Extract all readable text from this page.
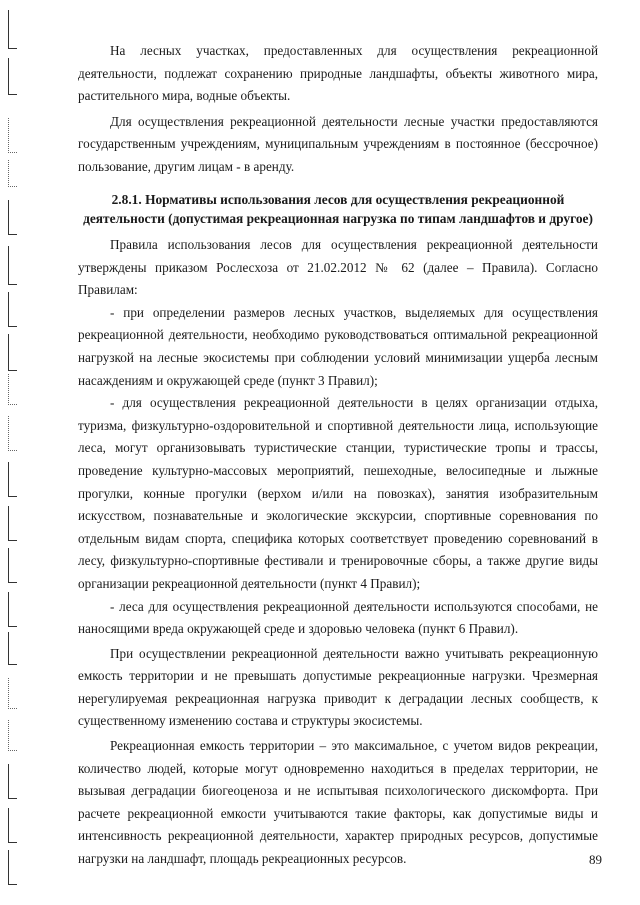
На лесных участках, предоставленных для осуществления рекреационной деятельности, подлежат сохранению природные ландшафты, объекты животного мира, растительного мира, водные объекты.

Для осуществления рекреационной деятельности лесные участки предоставляются государственным учреждениям, муниципальным учреждениям в постоянное (бессрочное) пользование, другим лицам - в аренду.

2.8.1. Нормативы использования лесов для осуществления рекреационной деятельности (допустимая рекреационная нагрузка по типам ландшафтов и другое)

Правила использования лесов для осуществления рекреационной деятельности утверждены приказом Рослесхоза от 21.02.2012 № 62 (далее – Правила). Согласно Правилам:

- при определении размеров лесных участков, выделяемых для осуществления рекреационной деятельности, необходимо руководствоваться оптимальной рекреационной нагрузкой на лесные экосистемы при соблюдении условий минимизации ущерба лесным насаждениям и окружающей среде (пункт 3 Правил);

- для осуществления рекреационной деятельности в целях организации отдыха, туризма, физкультурно-оздоровительной и спортивной деятельности лица, использующие леса, могут организовывать туристические станции, туристические тропы и трассы, проведение культурно-массовых мероприятий, пешеходные, велосипедные и лыжные прогулки, конные прогулки (верхом и/или на повозках), занятия изобразительным искусством, познавательные и экологические экскурсии, спортивные соревнования по отдельным видам спорта, специфика которых соответствует проведению соревнований в лесу, физкультурно-спортивные фестивали и тренировочные сборы, а также другие виды организации рекреационной деятельности (пункт 4 Правил);

- леса для осуществления рекреационной деятельности используются способами, не наносящими вреда окружающей среде и здоровью человека (пункт 6 Правил).

При осуществлении рекреационной деятельности важно учитывать рекреационную емкость территории и не превышать допустимые рекреационные нагрузки. Чрезмерная нерегулируемая рекреационная нагрузка приводит к деградации лесных сообществ, к существенному изменению состава и структуры экосистемы.

Рекреационная емкость территории – это максимальное, с учетом видов рекреации, количество людей, которые могут одновременно находиться в пределах территории, не вызывая деградации биогеоценоза и не испытывая психологического дискомфорта. При расчете рекреационной емкости учитываются такие факторы, как допустимые виды и интенсивность рекреационной деятельности, характер природных ресурсов, допустимые нагрузки на ландшафт, площадь рекреационных ресурсов.	89
